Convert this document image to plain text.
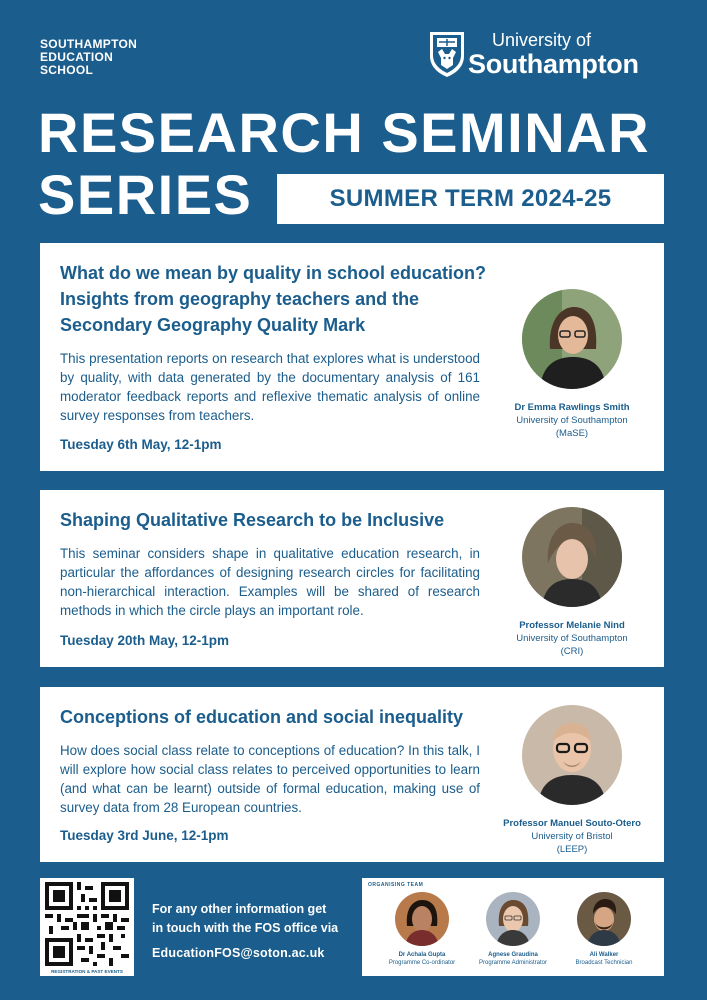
SOUTHAMPTON
EDUCATION
SCHOOL
University of
Southampton
RESEARCH SEMINAR
SERIES	SUMMER TERM 2024-25
What do we mean by quality in school education? Insights from geography teachers and the Secondary Geography Quality Mark

This presentation reports on research that explores what is understood by quality, with data generated by the documentary analysis of 161 moderator feedback reports and reflexive thematic analysis of online survey responses from teachers.

Tuesday 6th May, 12-1pm
Dr Emma Rawlings Smith
University of Southampton
(MaSE)
Shaping Qualitative Research to be Inclusive

This seminar considers shape in qualitative education research, in particular the affordances of designing research circles for facilitating non-hierarchical interaction. Examples will be shared of research methods in which the circle plays an important role.

Tuesday 20th May, 12-1pm
Professor Melanie Nind
University of Southampton
(CRI)
Conceptions of education and social inequality

How does social class relate to conceptions of education? In this talk, I will explore how social class relates to perceived opportunities to learn (and what can be learnt) outside of formal education, making use of survey data from 28 European countries.

Tuesday 3rd June, 12-1pm
Professor Manuel Souto-Otero
University of Bristol
(LEEP)
REGISTRATION & PAST EVENTS
For any other information get
in touch with the FOS office via
EducationFOS@soton.ac.uk
ORGANISING TEAM
Dr Achala Gupta
Programme Co-ordinator
Agnese Graudina
Programme Administrator
Ali Walker
Broadcast Technician
